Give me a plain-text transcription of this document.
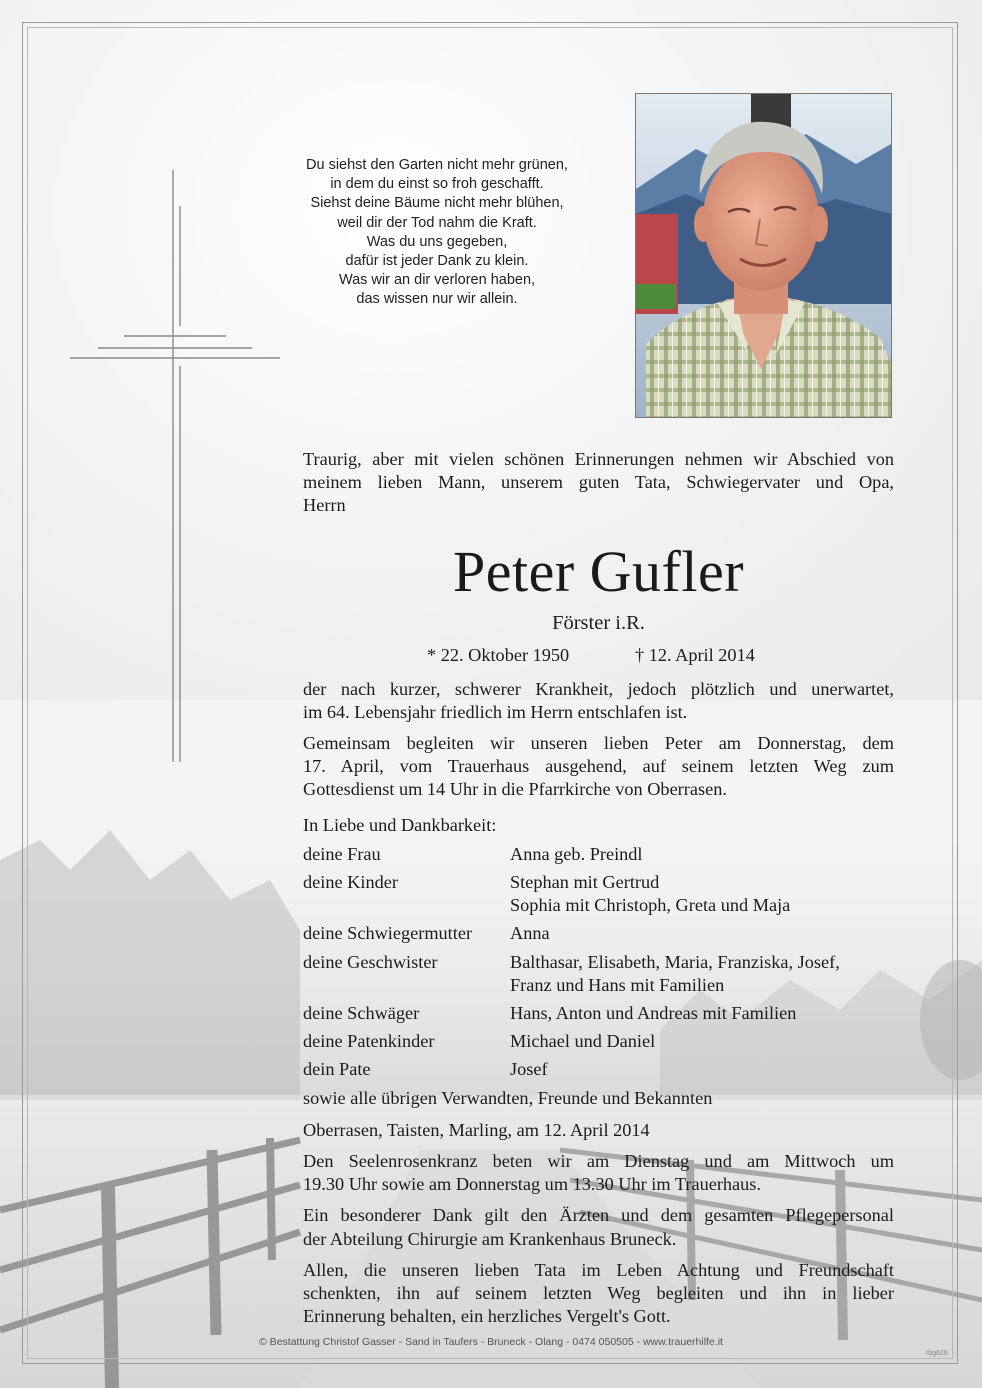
Du siehst den Garten nicht mehr grünen,
in dem du einst so froh geschafft.
Siehst deine Bäume nicht mehr blühen,
weil dir der Tod nahm die Kraft.
Was du uns gegeben,
dafür ist jeder Dank zu klein.
Was wir an dir verloren haben,
das wissen nur wir allein.
Traurig, aber mit vielen schönen Erinnerungen nehmen wir Abschied von
meinem lieben Mann, unserem guten Tata, Schwiegervater und Opa,
Herrn
Peter Gufler
Förster i.R.
* 22. Oktober 1950	† 12. April 2014
der nach kurzer, schwerer Krankheit, jedoch plötzlich und unerwartet,
im 64. Lebensjahr friedlich im Herrn entschlafen ist.
Gemeinsam begleiten wir unseren lieben Peter am Donnerstag, dem
17. April, vom Trauerhaus ausgehend, auf seinem letzten Weg zum
Gottesdienst um 14 Uhr in die Pfarrkirche von Oberrasen.
In Liebe und Dankbarkeit:
deine Frau	Anna geb. Preindl
deine Kinder	Stephan mit Gertrud
Sophia mit Christoph, Greta und Maja
deine Schwiegermutter	Anna
deine Geschwister	Balthasar, Elisabeth, Maria, Franziska, Josef,
Franz und Hans mit Familien
deine Schwäger	Hans, Anton und Andreas mit Familien
deine Patenkinder	Michael und Daniel
dein Pate	Josef
sowie alle übrigen Verwandten, Freunde und Bekannten
Oberrasen, Taisten, Marling, am 12. April 2014
Den Seelenrosenkranz beten wir am Dienstag und am Mittwoch um
19.30 Uhr sowie am Donnerstag um 13.30 Uhr im Trauerhaus.
Ein besonderer Dank gilt den Ärzten und dem gesamten Pflegepersonal
der Abteilung Chirurgie am Krankenhaus Bruneck.
Allen, die unseren lieben Tata im Leben Achtung und Freundschaft
schenkten, ihn auf seinem letzten Weg begleiten und ihn in lieber
Erinnerung behalten, ein herzliches Vergelt's Gott.
© Bestattung Christof Gasser - Sand in Taufers - Bruneck - Olang - 0474 050505 - www.trauerhilfe.it
rbg626
